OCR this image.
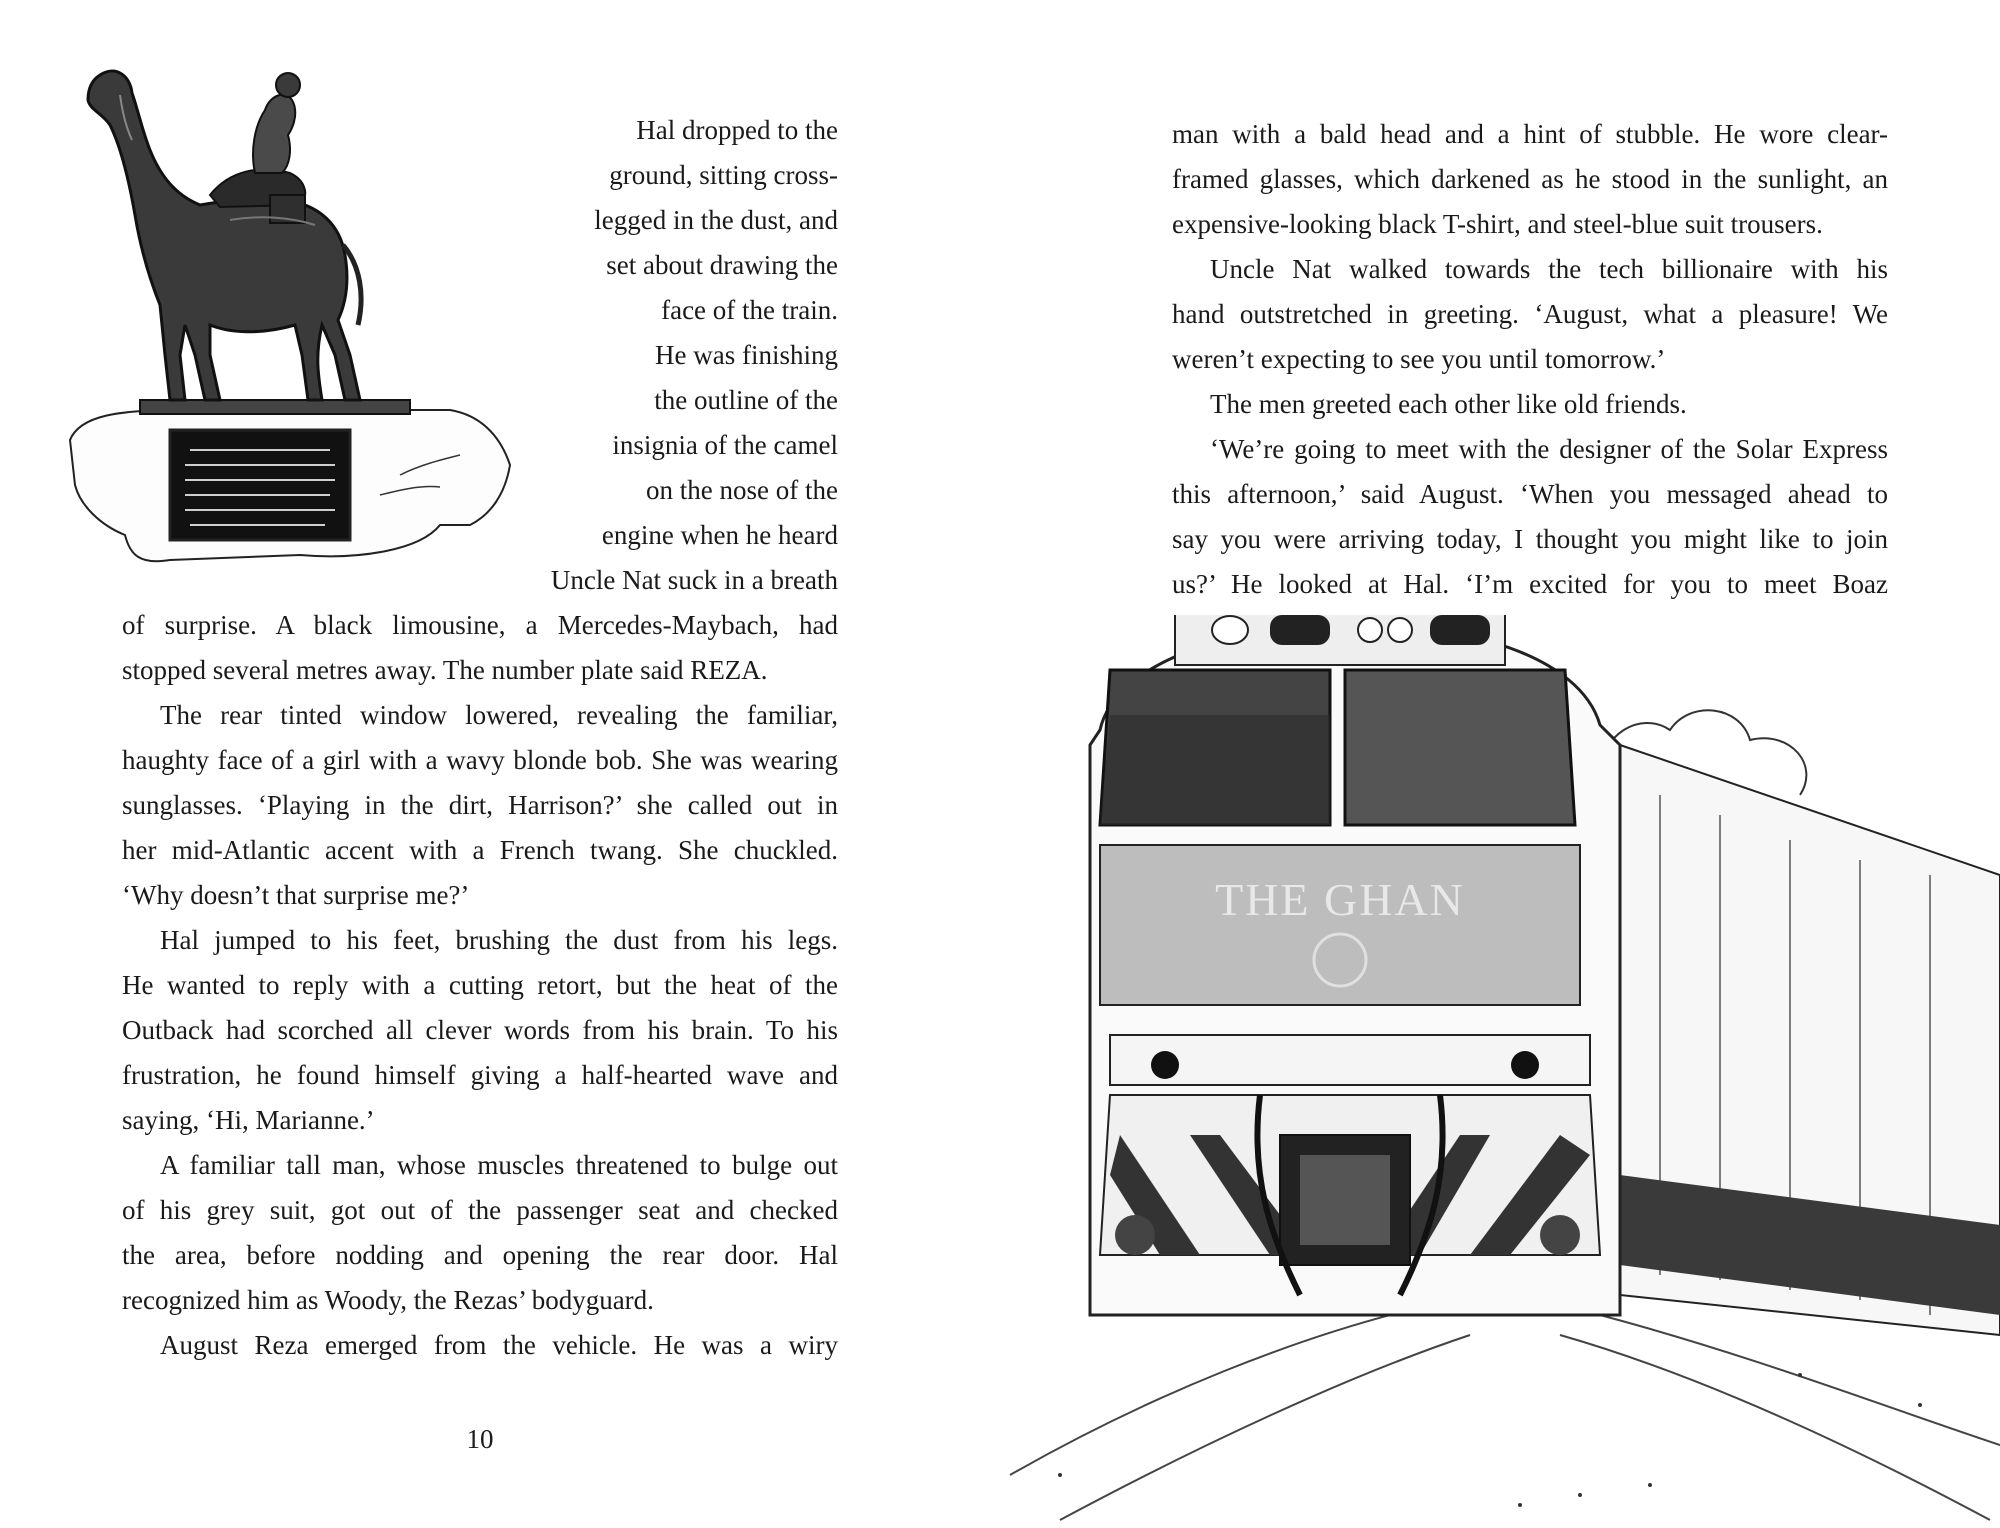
Hal dropped to the
ground, sitting cross-
legged in the dust, and
set about drawing the
face of the train.
He was finishing
the outline of the
insignia of the camel
on the nose of the
engine when he heard
Uncle Nat suck in a breath
of surprise. A black limousine, a Mercedes-Maybach, had
stopped several metres away. The number plate said REZA.
The rear tinted window lowered, revealing the familiar,
haughty face of a girl with a wavy blonde bob. She was wearing
sunglasses. ‘Playing in the dirt, Harrison?’ she called out in
her mid-Atlantic accent with a French twang. She chuckled.
‘Why doesn’t that surprise me?’
Hal jumped to his feet, brushing the dust from his legs.
He wanted to reply with a cutting retort, but the heat of the
Outback had scorched all clever words from his brain. To his
frustration, he found himself giving a half-hearted wave and
saying, ‘Hi, Marianne.’
A familiar tall man, whose muscles threatened to bulge out
of his grey suit, got out of the passenger seat and checked
the area, before nodding and opening the rear door. Hal
recognized him as Woody, the Rezas’ bodyguard.
August Reza emerged from the vehicle. He was a wiry
10
man with a bald head and a hint of stubble. He wore clear-
framed glasses, which darkened as he stood in the sunlight, an
expensive-looking black T-shirt, and steel-blue suit trousers.
Uncle Nat walked towards the tech billionaire with his
hand outstretched in greeting. ‘August, what a pleasure! We
weren’t expecting to see you until tomorrow.’
The men greeted each other like old friends.
‘We’re going to meet with the designer of the Solar Express
this afternoon,’ said August. ‘When you messaged ahead to
say you were arriving today, I thought you might like to join
us?’ He looked at Hal. ‘I’m excited for you to meet Boaz
THE GHAN
